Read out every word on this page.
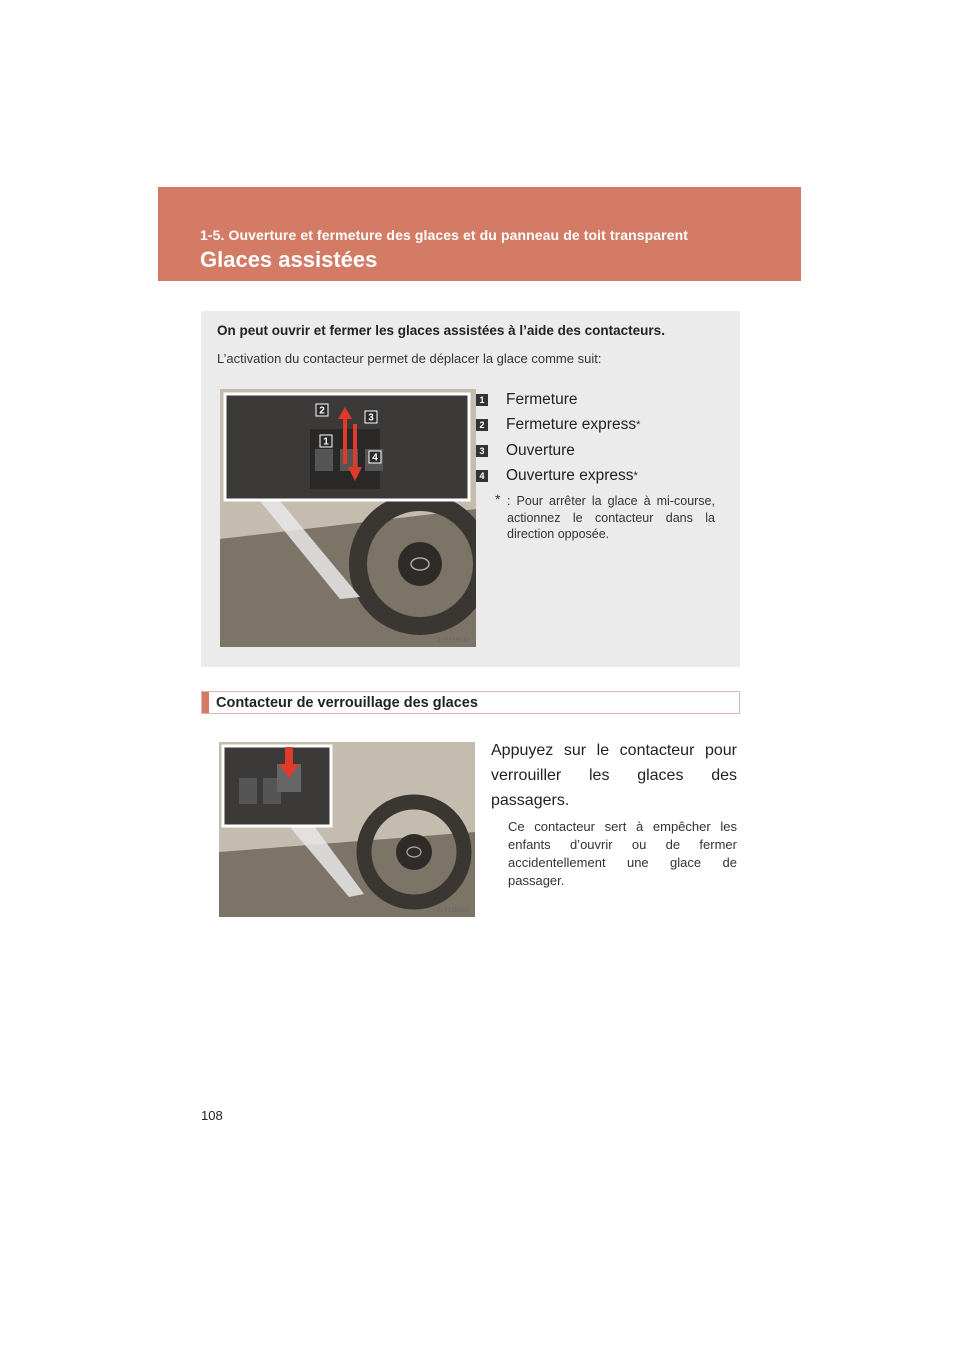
1-5. Ouverture et fermeture des glaces et du panneau de toit transparent
Glaces assistées
On peut ouvrir et fermer les glaces assistées à l’aide des contacteurs.
L’activation du contacteur permet de déplacer la glace comme suit:
2
3
1
4
ILY15H012
1 Fermeture
2 Fermeture express *
3 Ouverture
4 Ouverture express *
* : Pour arrêter la glace à mi-course, actionnez le contacteur dans la direction opposée.
Contacteur de verrouillage des glaces
ILY15H013
Appuyez sur le contacteur pour verrouiller les glaces des passagers.
Ce contacteur sert à empêcher les enfants d’ouvrir ou de fermer accidentellement une glace de passager.
108
